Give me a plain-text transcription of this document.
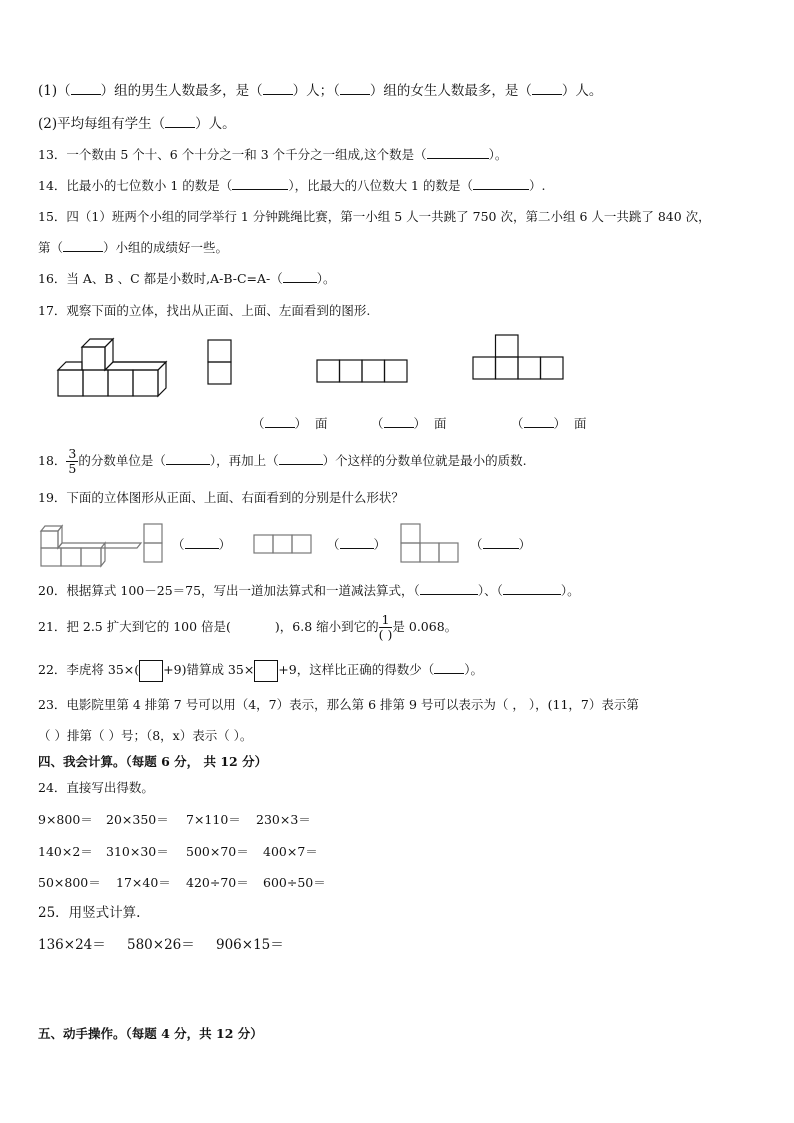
(1)（ ）组的男生人数最多，是（ ）人；（ ）组的女生人数最多，是（ ）人。
(2)平均每组有学生（ ）人。
13．一个数由 5 个十、6 个十分之一和 3 个千分之一组成,这个数是（	）。
14．比最小的七位数小 1 的数是（	），比最大的八位数大 1 的数是（	）.
15．四（1）班两个小组的同学举行 1 分钟跳绳比赛，第一小组 5 人一共跳了 750 次，第二小组 6 人一共跳了 840 次，
第（	）小组的成绩好一些。
16．当 A、B 、C 都是小数时,A-B-C=A-（	）。
17．观察下面的立体，找出从正面、上面、左面看到的图形.
（ ） 面	（ ） 面	（ ） 面
18． $\frac{3}{5}$ 的分数单位是（	），再加上（	）个这样的分数单位就是最小的质数.
19．下面的立体图形从正面、上面、右面看到的分别是什么形状？
（	）	（	）	（	）
20．根据算式 100－25＝75，写出一道加法算式和一道减法算式，（	）、（	）。
21．把 2.5 扩大到它的 100 倍是(	)，6.8 缩小到它的 $\frac{1}{( )}$ 是 0.068。
22．李虎将 35×( +9)错算成 35× +9，这样比正确的得数少（ ）。
23．电影院里第 4 排第 7 号可以用（4，7）表示，那么第 6 排第 9 号可以表示为（ ， ），(11，7）表示第
（ ）排第（ ）号；（8，x）表示（ ）。
四、我会计算。（每题 6 分， 共 12 分）
24．直接写出得数。
9×800＝ 20×350＝ 7×110＝ 230×3＝
140×2＝ 310×30＝ 500×70＝ 400×7＝
50×800＝ 17×40＝ 420÷70＝ 600÷50＝
25．用竖式计算.
136×24＝ 580×26＝ 906×15＝
五、动手操作。（每题 4 分，共 12 分）
